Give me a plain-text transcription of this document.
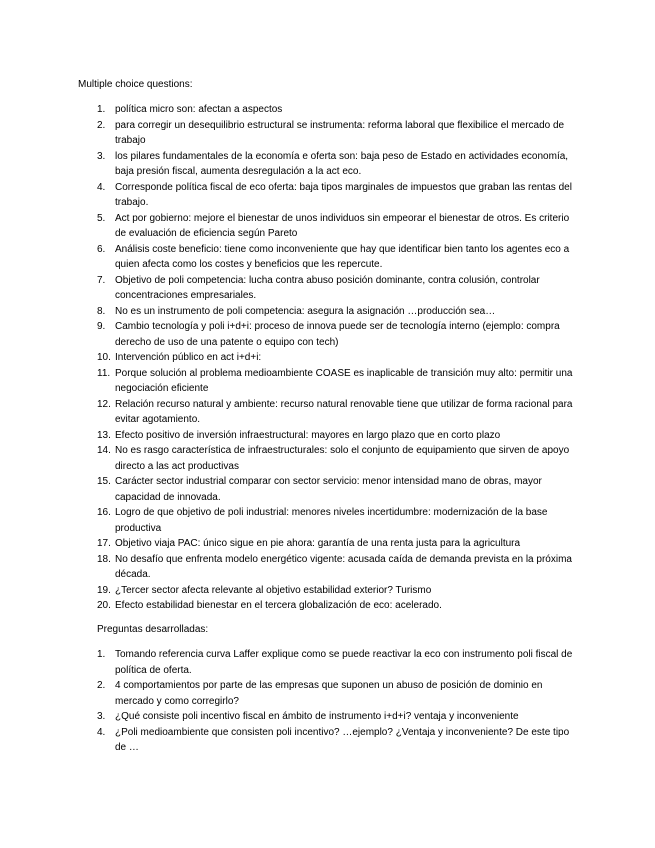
Multiple choice questions:
1. política micro son: afectan a aspectos
2. para corregir un desequilibrio estructural se instrumenta: reforma laboral que flexibilice el mercado de trabajo
3. los pilares fundamentales de la economía e oferta son: baja peso de Estado en actividades economía, baja presión fiscal, aumenta desregulación a la act eco.
4. Corresponde política fiscal de eco oferta: baja tipos marginales de impuestos que graban las rentas del trabajo.
5. Act por gobierno: mejore el bienestar de unos individuos sin empeorar el bienestar de otros. Es criterio de evaluación de eficiencia según Pareto
6. Análisis coste beneficio: tiene como inconveniente que hay que identificar bien tanto los agentes eco a quien afecta como los costes y beneficios que les repercute.
7. Objetivo de poli competencia: lucha contra abuso posición dominante, contra colusión, controlar concentraciones empresariales.
8. No es un instrumento de poli competencia: asegura la asignación …producción sea…
9. Cambio tecnología y poli i+d+i: proceso de innova puede ser de tecnología interno (ejemplo: compra derecho de uso de una patente o equipo con tech)
10. Intervención público en act i+d+i:
11. Porque solución al problema medioambiente COASE es inaplicable de transición muy alto: permitir una negociación eficiente
12. Relación recurso natural y ambiente: recurso natural renovable tiene que utilizar de forma racional para evitar agotamiento.
13. Efecto positivo de inversión infraestructural: mayores en largo plazo que en corto plazo
14. No es rasgo característica de infraestructurales: solo el conjunto de equipamiento que sirven de apoyo directo a las act productivas
15. Carácter sector industrial comparar con sector servicio: menor intensidad mano de obras, mayor capacidad de innovada.
16. Logro de que objetivo de poli industrial: menores niveles incertidumbre: modernización de la base productiva
17. Objetivo viaja PAC: único sigue en pie ahora: garantía de una renta justa para la agricultura
18. No desafío que enfrenta modelo energético vigente: acusada caída de demanda prevista en la próxima década.
19. ¿Tercer sector afecta relevante al objetivo estabilidad exterior? Turismo
20. Efecto estabilidad bienestar en el tercera globalización de eco: acelerado.
Preguntas desarrolladas:
1. Tomando referencia curva Laffer explique como se puede reactivar la eco con instrumento poli fiscal de política de oferta.
2. 4 comportamientos por parte de las empresas que suponen un abuso de posición de dominio en mercado y como corregirlo?
3. ¿Qué consiste poli incentivo fiscal en ámbito de instrumento i+d+i? ventaja y inconveniente
4. ¿Poli medioambiente que consisten poli incentivo? …ejemplo? ¿Ventaja y inconveniente? De este tipo de …
